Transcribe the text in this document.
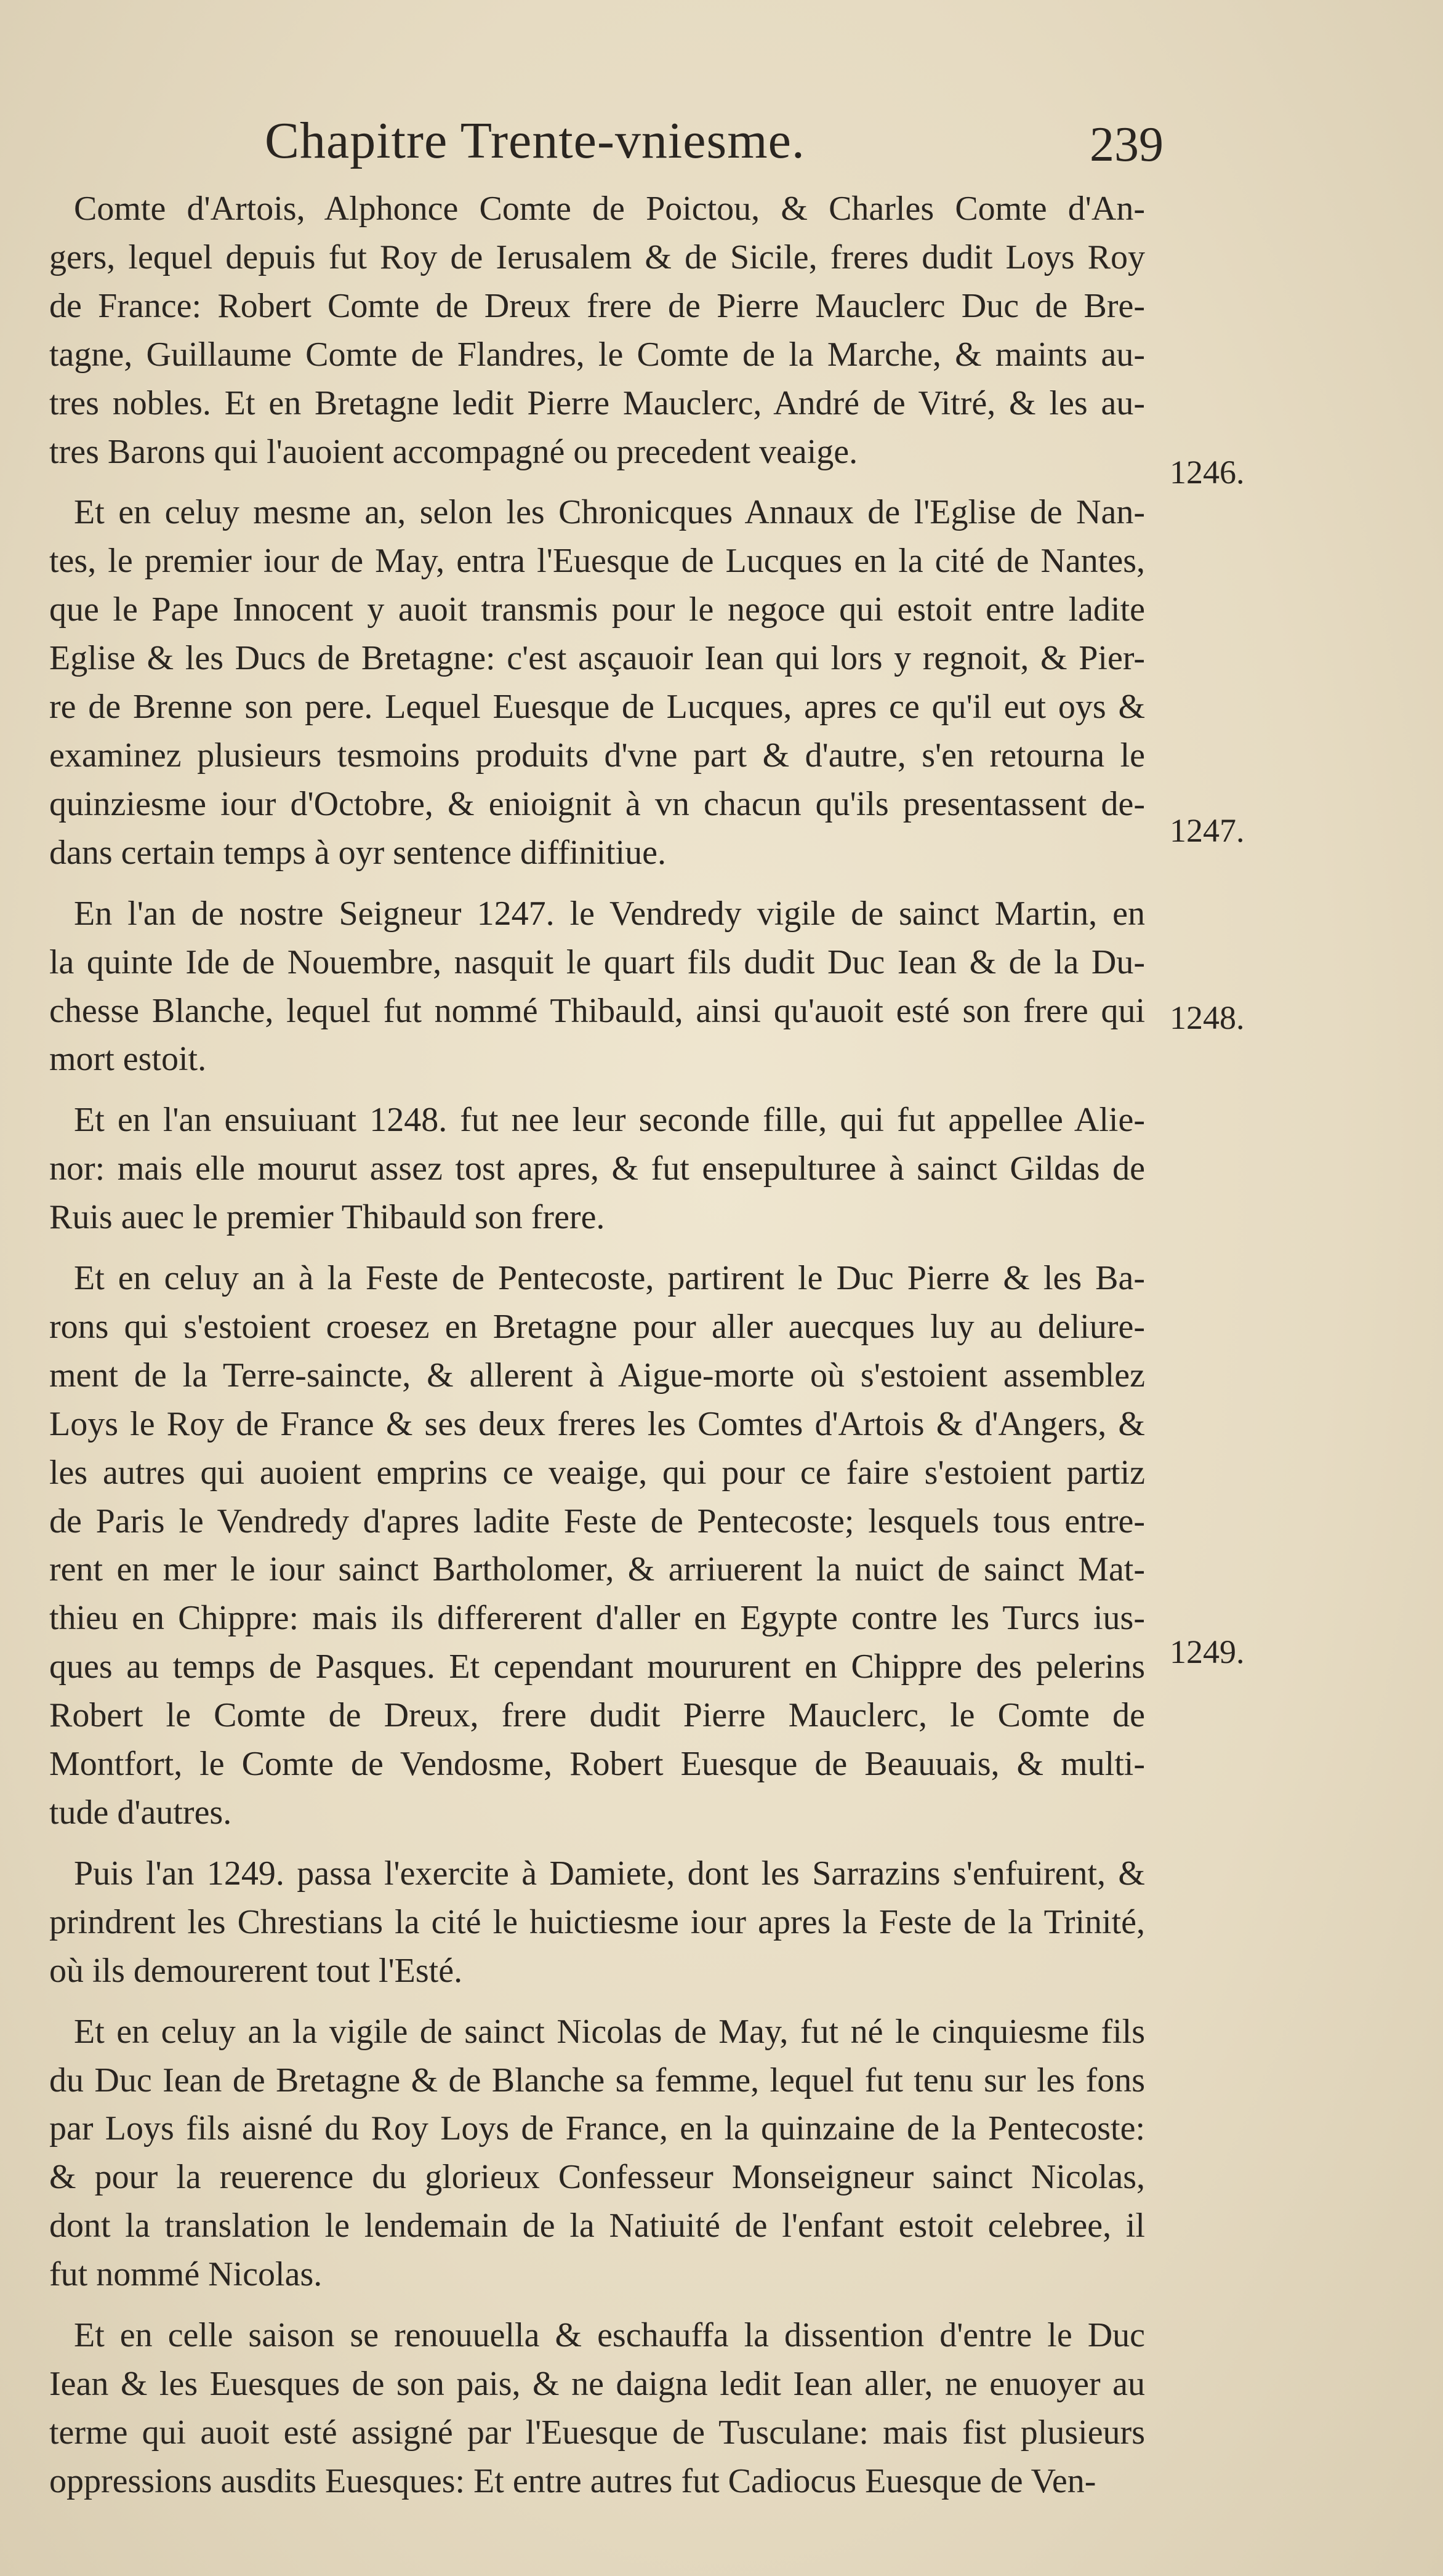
Chapitre Trente-vniesme.	239
Comte d'Artois, Alphonce Comte de Poictou, & Charles Comte d'An-
gers, lequel depuis fut Roy de Ierusalem & de Sicile, freres dudit Loys Roy
de France: Robert Comte de Dreux frere de Pierre Mauclerc Duc de Bre-
tagne, Guillaume Comte de Flandres, le Comte de la Marche, & maints au-
tres nobles. Et en Bretagne ledit Pierre Mauclerc, André de Vitré, & les au-
tres Barons qui l'auoient accompagné ou precedent veaige.
Et en celuy mesme an, selon les Chronicques Annaux de l'Eglise de Nan-
tes, le premier iour de May, entra l'Euesque de Lucques en la cité de Nantes,
que le Pape Innocent y auoit transmis pour le negoce qui estoit entre ladite
Eglise & les Ducs de Bretagne: c'est asçauoir Iean qui lors y regnoit, & Pier-
re de Brenne son pere. Lequel Euesque de Lucques, apres ce qu'il eut oys &
examinez plusieurs tesmoins produits d'vne part & d'autre, s'en retourna le
quinziesme iour d'Octobre, & enioignit à vn chacun qu'ils presentassent de-
dans certain temps à oyr sentence diffinitiue.
En l'an de nostre Seigneur 1247. le Vendredy vigile de sainct Martin, en
la quinte Ide de Nouembre, nasquit le quart fils dudit Duc Iean & de la Du-
chesse Blanche, lequel fut nommé Thibauld, ainsi qu'auoit esté son frere qui
mort estoit.
Et en l'an ensuiuant 1248. fut nee leur seconde fille, qui fut appellee Alie-
nor: mais elle mourut assez tost apres, & fut ensepulturee à sainct Gildas de
Ruis auec le premier Thibauld son frere.
Et en celuy an à la Feste de Pentecoste, partirent le Duc Pierre & les Ba-
rons qui s'estoient croesez en Bretagne pour aller auecques luy au deliure-
ment de la Terre-saincte, & allerent à Aigue-morte où s'estoient assemblez
Loys le Roy de France & ses deux freres les Comtes d'Artois & d'Angers, &
les autres qui auoient emprins ce veaige, qui pour ce faire s'estoient partiz
de Paris le Vendredy d'apres ladite Feste de Pentecoste; lesquels tous entre-
rent en mer le iour sainct Bartholomer, & arriuerent la nuict de sainct Mat-
thieu en Chippre: mais ils differerent d'aller en Egypte contre les Turcs ius-
ques au temps de Pasques. Et cependant moururent en Chippre des pelerins
Robert le Comte de Dreux, frere dudit Pierre Mauclerc, le Comte de
Montfort, le Comte de Vendosme, Robert Euesque de Beauuais, & multi-
tude d'autres.
Puis l'an 1249. passa l'exercite à Damiete, dont les Sarrazins s'enfuirent, &
prindrent les Chrestians la cité le huictiesme iour apres la Feste de la Trinité,
où ils demourerent tout l'Esté.
Et en celuy an la vigile de sainct Nicolas de May, fut né le cinquiesme fils
du Duc Iean de Bretagne & de Blanche sa femme, lequel fut tenu sur les fons
par Loys fils aisné du Roy Loys de France, en la quinzaine de la Pentecoste:
& pour la reuerence du glorieux Confesseur Monseigneur sainct Nicolas,
dont la translation le lendemain de la Natiuité de l'enfant estoit celebree, il
fut nommé Nicolas.
Et en celle saison se renouuella & eschauffa la dissention d'entre le Duc
Iean & les Euesques de son pais, & ne daigna ledit Iean aller, ne enuoyer au
terme qui auoit esté assigné par l'Euesque de Tusculane: mais fist plusieurs
oppressions ausdits Euesques: Et entre autres fut Cadiocus Euesque de Ven-
1246.
1247.
1248.
1249.
